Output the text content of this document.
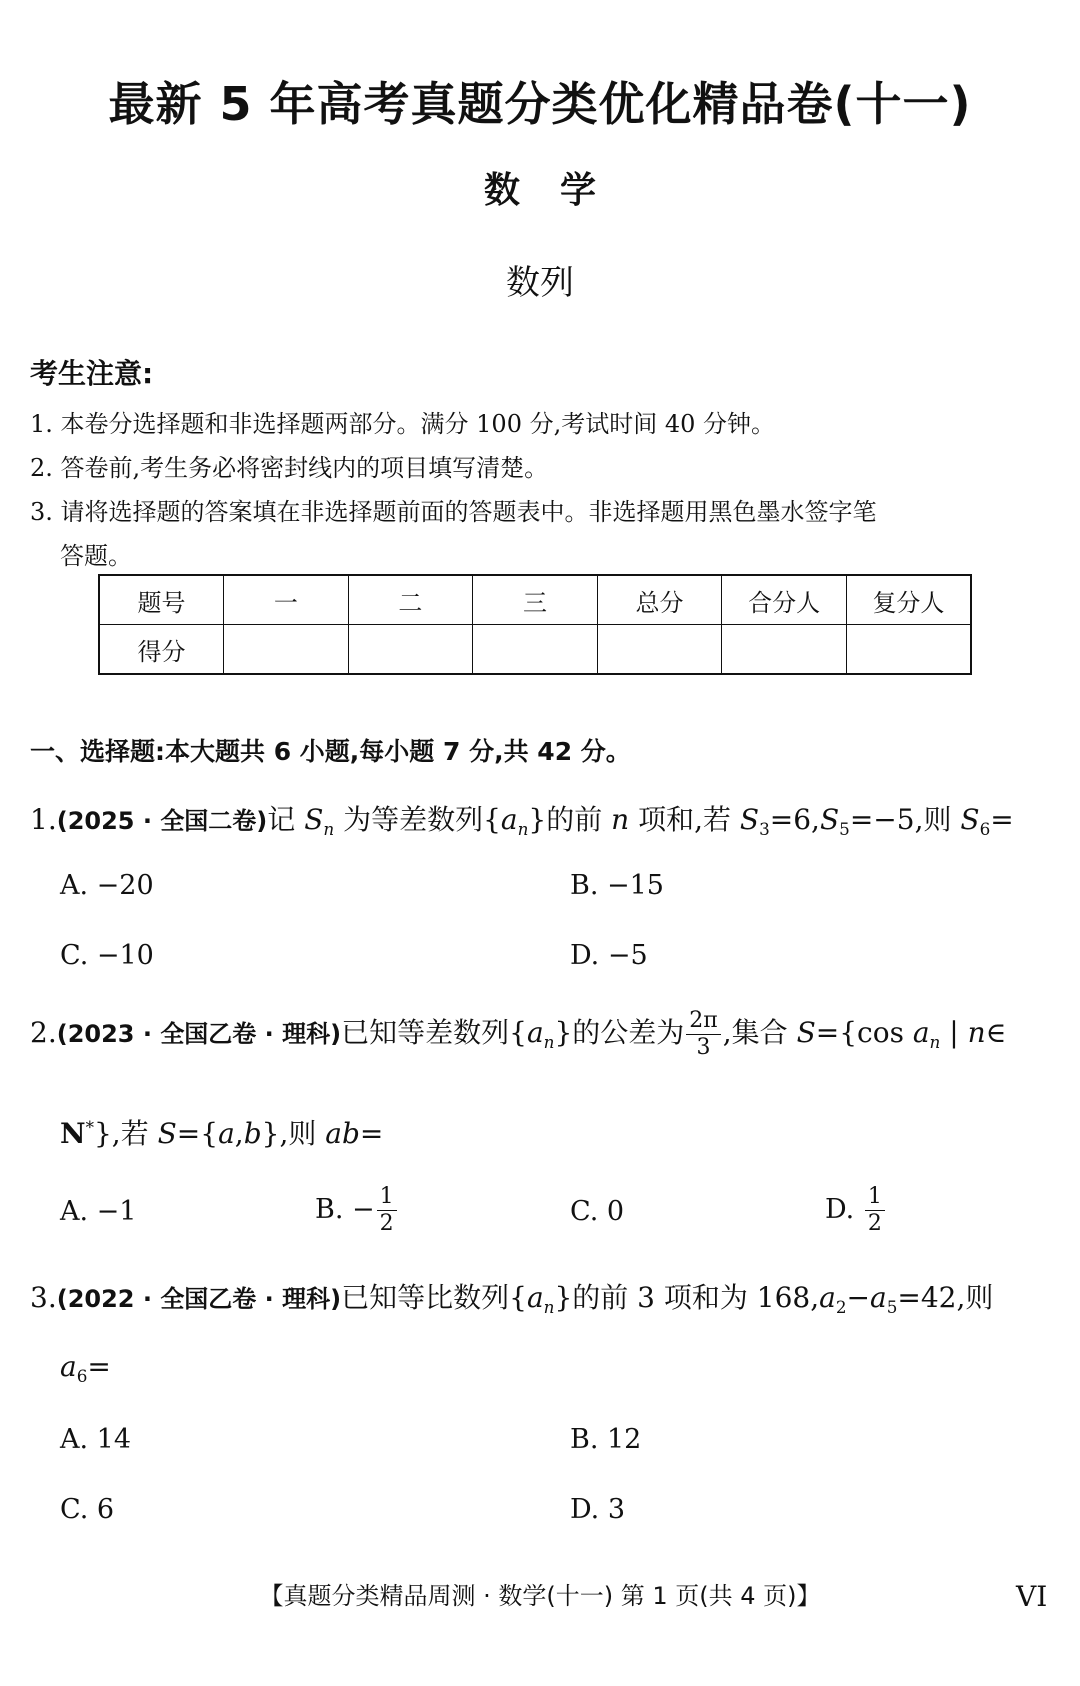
最新 5 年高考真题分类优化精品卷(十一)
数学
数列
考生注意:
1. 本卷分选择题和非选择题两部分。满分 100 分,考试时间 40 分钟。
2. 答卷前,考生务必将密封线内的项目填写清楚。
3. 请将选择题的答案填在非选择题前面的答题表中。非选择题用黑色墨水签字笔
答题。
题号	一	二	三	总分	合分人	复分人
得分						
一、选择题:本大题共 6 小题,每小题 7 分,共 42 分。
1.(2025 · 全国二卷)记 $S_n$ 为等差数列$\{a_n\}$的前 n 项和,若 $S_3=6,S_5=-5$,则 $S_6=$
A. −20	B. −15
C. −10	D. −5
2.(2023 · 全国乙卷 · 理科)已知等差数列$\{a_n\}$的公差为 $\frac{2\pi}{3}$ ,集合 S={cos $a_n$ | n∈
N*},若 S={a,b},则 ab=
A. −1	B. − $\frac{1}{2}$	C. 0	D. $\frac{1}{2}$
3.(2022 · 全国乙卷 · 理科)已知等比数列$\{a_n\}$的前 3 项和为 $168,a_2-a_5=42$,则
$a_6=$
A. 14	B. 12
C. 6	D. 3
【真题分类精品周测 · 数学(十一) 第 1 页(共 4 页)】	VI
